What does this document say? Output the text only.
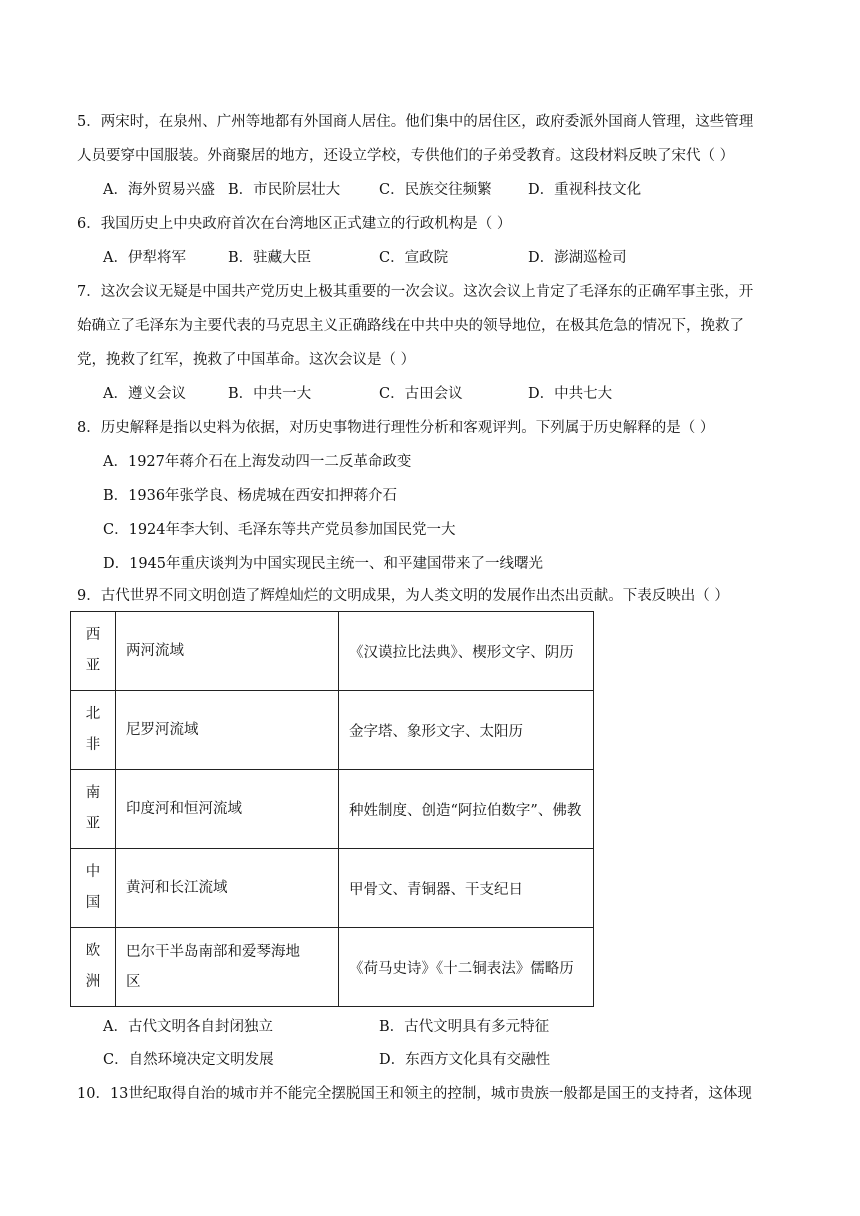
5．两宋时，在泉州、广州等地都有外国商人居住。他们集中的居住区，政府委派外国商人管理，这些管理
人员要穿中国服装。外商聚居的地方，还设立学校，专供他们的子弟受教育。这段材料反映了宋代（ ）
A．海外贸易兴盛 B．市民阶层壮大	C．民族交往频繁	D．重视科技文化
6．我国历史上中央政府首次在台湾地区正式建立的行政机构是（ ）
A．伊犁将军	B．驻藏大臣	C．宣政院	D．澎湖巡检司
7．这次会议无疑是中国共产党历史上极其重要的一次会议。这次会议上肯定了毛泽东的正确军事主张，开
始确立了毛泽东为主要代表的马克思主义正确路线在中共中央的领导地位，在极其危急的情况下，挽救了
党，挽救了红军，挽救了中国革命。这次会议是（ ）
A．遵义会议	B．中共一大	C．古田会议	D．中共七大
8．历史解释是指以史料为依据，对历史事物进行理性分析和客观评判。下列属于历史解释的是（ ）
A．1927年蒋介石在上海发动四一二反革命政变
B．1936年张学良、杨虎城在西安扣押蒋介石
C．1924年李大钊、毛泽东等共产党员参加国民党一大
D．1945年重庆谈判为中国实现民主统一、和平建国带来了一线曙光
9．古代世界不同文明创造了辉煌灿烂的文明成果，为人类文明的发展作出杰出贡献。下表反映出（ ）
西
亚	两河流域	《汉谟拉比法典》、楔形文字、阴历

北
非	尼罗河流域	金字塔、象形文字、太阳历

南
亚	印度河和恒河流域	种姓制度、创造“阿拉伯数字”、佛教

中
国	黄河和长江流域	甲骨文、青铜器、干支纪日

欧
洲	巴尔干半岛南部和爱琴海地区	《荷马史诗》《十二铜表法》儒略历
A．古代文明各自封闭独立	B．古代文明具有多元特征
C．自然环境决定文明发展	D．东西方文化具有交融性
10．13世纪取得自治的城市并不能完全摆脱国王和领主的控制，城市贵族一般都是国王的支持者，这体现
